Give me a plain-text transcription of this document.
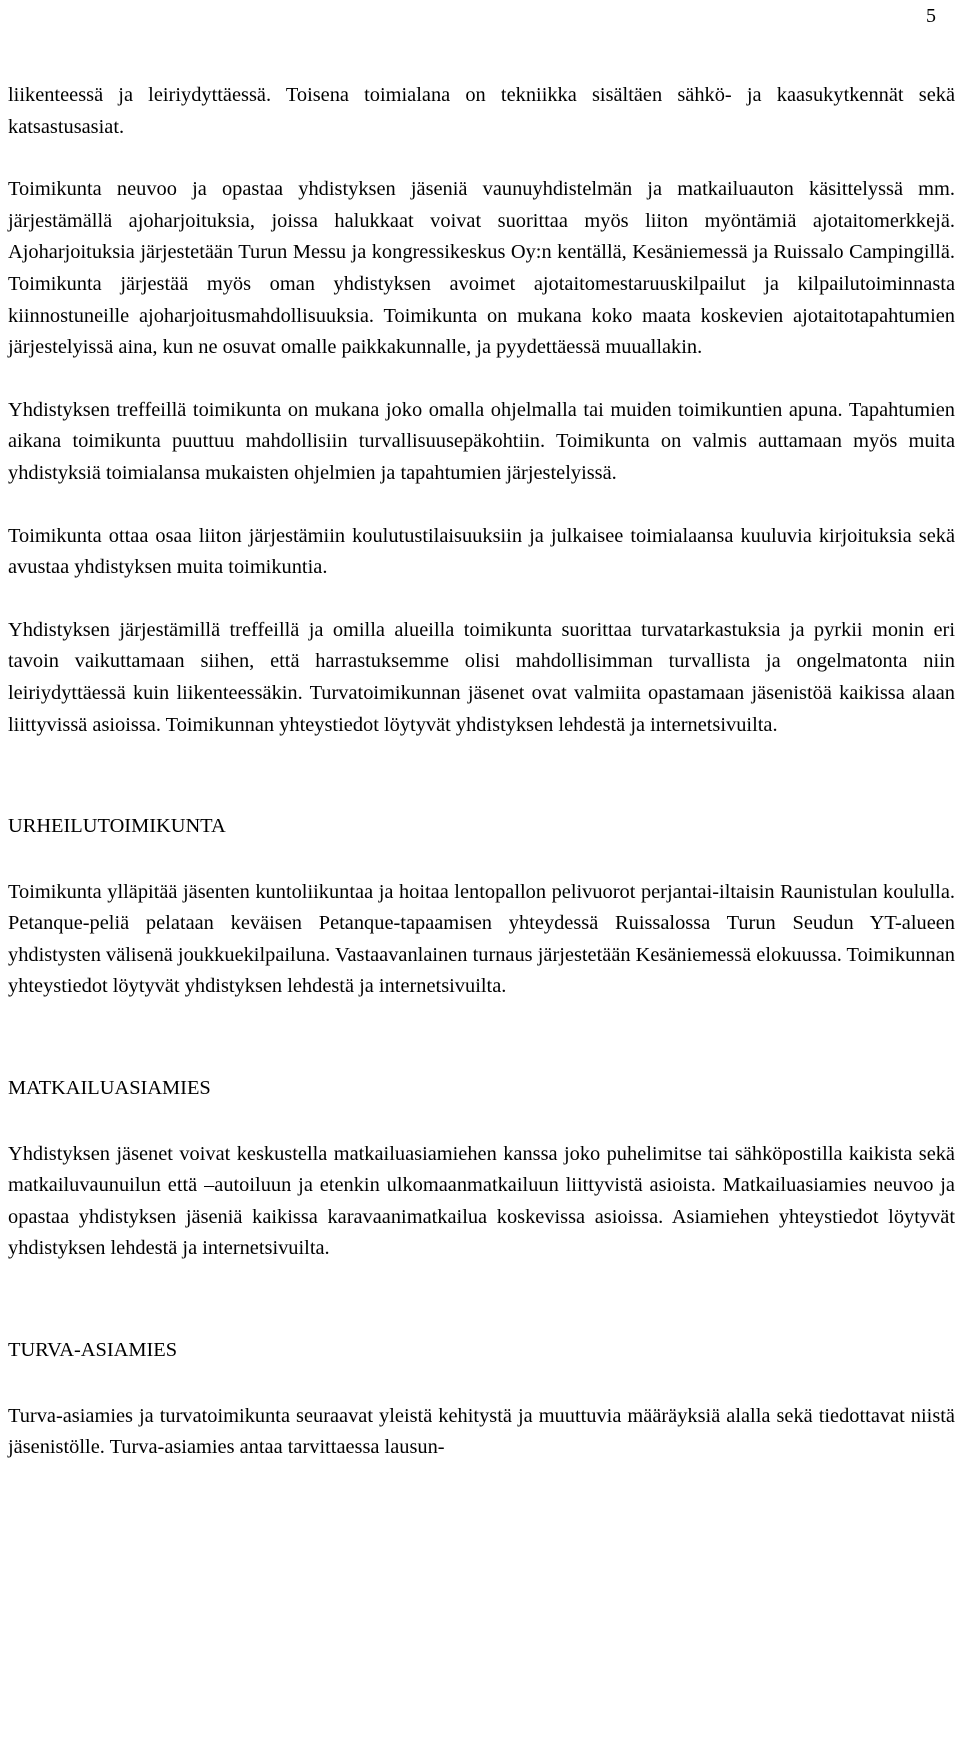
5

liikenteessä ja leiriydyttäessä. Toisena toimialana on tekniikka sisältäen sähkö- ja kaasukytkennät sekä katsastusasiat.

Toimikunta neuvoo ja opastaa yhdistyksen jäseniä vaunuyhdistelmän ja matkailuauton käsittelyssä mm. järjestämällä ajoharjoituksia, joissa halukkaat voivat suorittaa myös liiton myöntämiä ajotaitomerkkejä. Ajoharjoituksia järjestetään Turun Messu ja kongressikeskus Oy:n kentällä, Kesäniemessä ja Ruissalo Campingillä. Toimikunta järjestää myös oman yhdistyksen avoimet ajotaitomestaruuskilpailut ja kilpailutoiminnasta kiinnostuneille ajoharjoitusmahdollisuuksia. Toimikunta on mukana koko maata koskevien ajotaitotapahtumien järjestelyissä aina, kun ne osuvat omalle paikkakunnalle, ja pyydettäessä muuallakin.

Yhdistyksen treffeillä toimikunta on mukana joko omalla ohjelmalla tai muiden toimikuntien apuna. Tapahtumien aikana toimikunta puuttuu mahdollisiin turvallisuusepäkohtiin. Toimikunta on valmis auttamaan myös muita yhdistyksiä toimialansa mukaisten ohjelmien ja tapahtumien järjestelyissä.

Toimikunta ottaa osaa liiton järjestämiin koulutustilaisuuksiin ja julkaisee toimialaansa kuuluvia kirjoituksia sekä avustaa yhdistyksen muita toimikuntia.

Yhdistyksen järjestämillä treffeillä ja omilla alueilla toimikunta suorittaa turvatarkastuksia ja pyrkii monin eri tavoin vaikuttamaan siihen, että harrastuksemme olisi mahdollisimman turvallista ja ongelmatonta niin leiriydyttäessä kuin liikenteessäkin. Turvatoimikunnan jäsenet ovat valmiita opastamaan jäsenistöä kaikissa alaan liittyvissä asioissa. Toimikunnan yhteystiedot löytyvät yhdistyksen lehdestä ja internetsivuilta.

URHEILUTOIMIKUNTA

Toimikunta ylläpitää jäsenten kuntoliikuntaa ja hoitaa lentopallon pelivuorot perjantai-iltaisin Raunistulan koululla. Petanque-peliä pelataan keväisen Petanque-tapaamisen yhteydessä Ruissalossa Turun Seudun YT-alueen yhdistysten välisenä joukkuekilpailuna. Vastaavanlainen turnaus järjestetään Kesäniemessä elokuussa. Toimikunnan yhteystiedot löytyvät yhdistyksen lehdestä ja internetsivuilta.

MATKAILUASIAMIES

Yhdistyksen jäsenet voivat keskustella matkailuasiamiehen kanssa joko puhelimitse tai sähköpostilla kaikista sekä matkailuvaunuilun että –autoiluun ja etenkin ulkomaanmatkailuun liittyvistä asioista. Matkailuasiamies neuvoo ja opastaa yhdistyksen jäseniä kaikissa karavaanimatkailua koskevissa asioissa. Asiamiehen yhteystiedot löytyvät yhdistyksen lehdestä ja internetsivuilta.

TURVA-ASIAMIES

Turva-asiamies ja turvatoimikunta seuraavat yleistä kehitystä ja muuttuvia määräyksiä alalla sekä tiedottavat niistä jäsenistölle. Turva-asiamies antaa tarvittaessa lausun-
